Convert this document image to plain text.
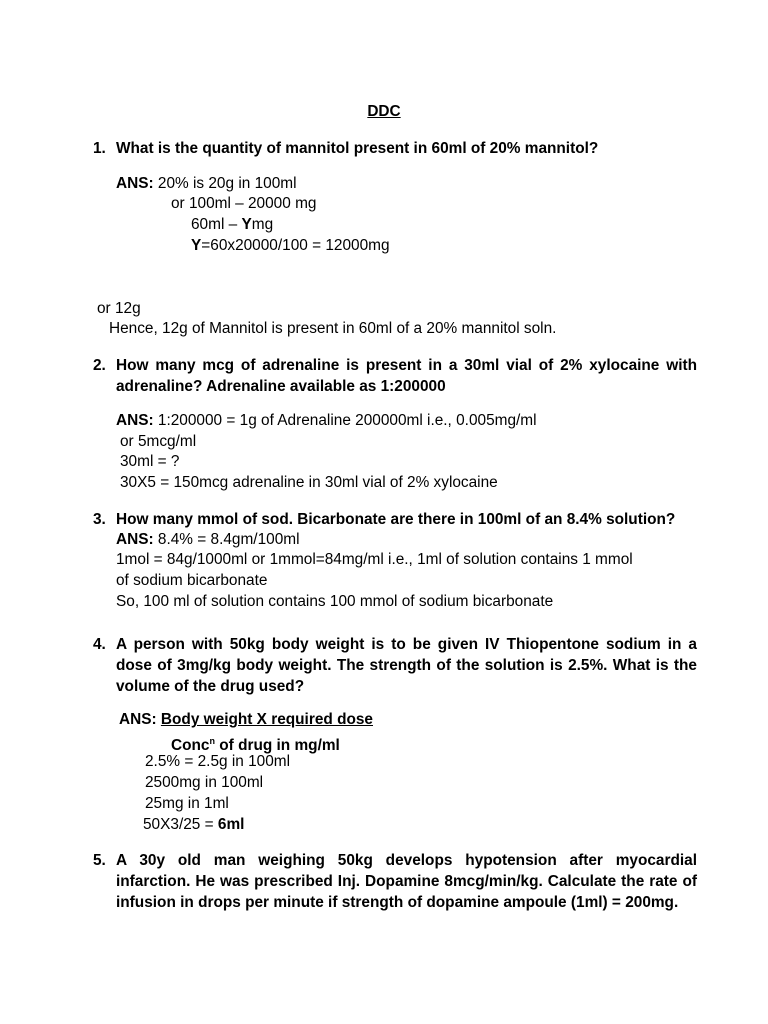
DDC
1. What is the quantity of mannitol present in 60ml of 20% mannitol?
ANS: 20% is 20g in 100ml
or 100ml – 20000 mg
60ml – Ymg
Y=60x20000/100 = 12000mg
or 12g
Hence, 12g of Mannitol is present in 60ml of a 20% mannitol soln.
2. How many mcg of adrenaline is present in a 30ml vial of 2% xylocaine with adrenaline? Adrenaline available as 1:200000
ANS: 1:200000 = 1g of Adrenaline 200000ml i.e., 0.005mg/ml
or 5mcg/ml
30ml = ?
30X5 = 150mcg adrenaline in 30ml vial of 2% xylocaine
3. How many mmol of sod. Bicarbonate are there in 100ml of an 8.4% solution?
ANS: 8.4% = 8.4gm/100ml
1mol = 84g/1000ml or 1mmol=84mg/ml i.e., 1ml of solution contains 1 mmol
of sodium bicarbonate
So, 100 ml of solution contains 100 mmol of sodium bicarbonate
4. A person with 50kg body weight is to be given IV Thiopentone sodium in a dose of 3mg/kg body weight. The strength of the solution is 2.5%. What is the volume of the drug used?
ANS: Body weight X required dose
Conc$^n$ of drug in mg/ml
2.5% = 2.5g in 100ml
2500mg in 100ml
25mg in 1ml
50X3/25 = 6ml
5. A 30y old man weighing 50kg develops hypotension after myocardial infarction. He was prescribed Inj. Dopamine 8mcg/min/kg. Calculate the rate of infusion in drops per minute if strength of dopamine ampoule (1ml) = 200mg.
